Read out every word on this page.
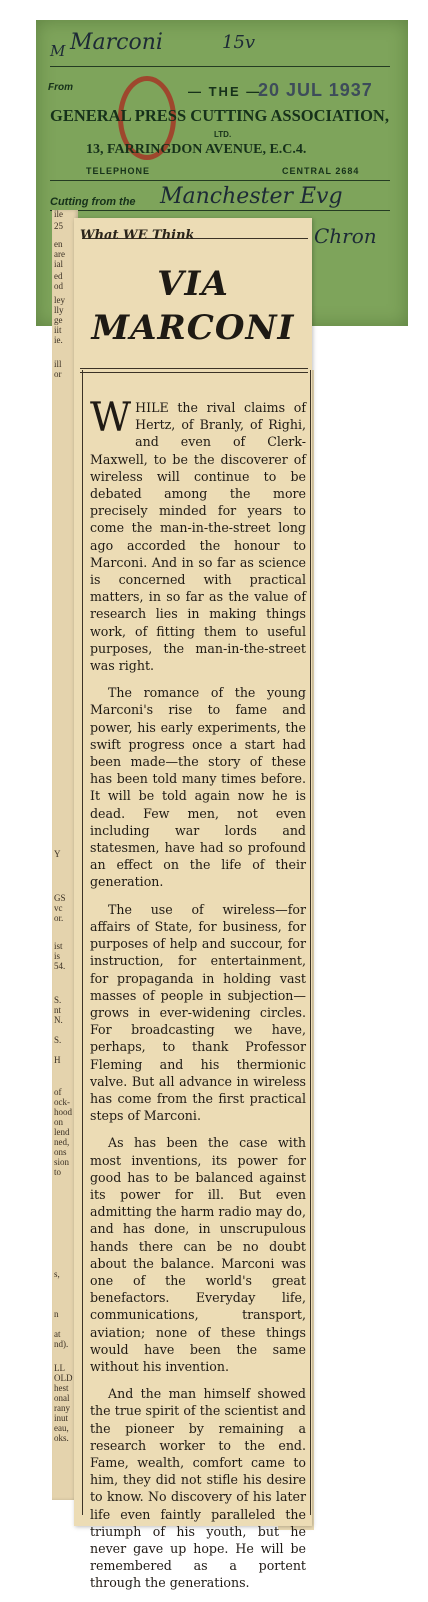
M Marconi	15v
From	— THE —
20 JUL 1937
GENERAL PRESS CUTTING ASSOCIATION,
LTD.
13, FARRINGDON AVENUE, E.C.4.
TELEPHONE	CENTRAL 2684
Cutting from the Manchester Evg
Chron
ile
25
en
are
ial
ed
od
ley
lly
ge
iit
ie.
ill
or
Y
GS
vc
or.
ist
is
54.
S.
nt
N.
S.
H
of
ock-
hood
on
lend
ned,
ons
sion
to
s,
n
at
nd).
LL
OLD
hest
onal
rany
inut
eau,
oks.
What WE Think
VIA
MARCONI

WHILE the rival claims of Hertz, of Branly, of Righi, and even of Clerk-Maxwell, to be the discoverer of wireless will continue to be debated among the more precisely minded for years to come the man-in-the-street long ago accorded the honour to Marconi. And in so far as science is concerned with practical matters, in so far as the value of research lies in making things work, of fitting them to useful purposes, the man-in-the-street was right.

The romance of the young Marconi's rise to fame and power, his early experiments, the swift progress once a start had been made—the story of these has been told many times before. It will be told again now he is dead. Few men, not even including war lords and statesmen, have had so profound an effect on the life of their generation.

The use of wireless—for affairs of State, for business, for purposes of help and succour, for instruction, for entertainment, for propaganda in holding vast masses of people in subjection—grows in ever-widening circles. For broadcasting we have, perhaps, to thank Professor Fleming and his thermionic valve. But all advance in wireless has come from the first practical steps of Marconi.

As has been the case with most inventions, its power for good has to be balanced against its power for ill. But even admitting the harm radio may do, and has done, in unscrupulous hands there can be no doubt about the balance. Marconi was one of the world's great benefactors. Everyday life, communications, transport, aviation; none of these things would have been the same without his invention.

And the man himself showed the true spirit of the scientist and the pioneer by remaining a research worker to the end. Fame, wealth, comfort came to him, they did not stifle his desire to know. No discovery of his later life even faintly paralleled the triumph of his youth, but he never gave up hope. He will be remembered as a portent through the generations.
